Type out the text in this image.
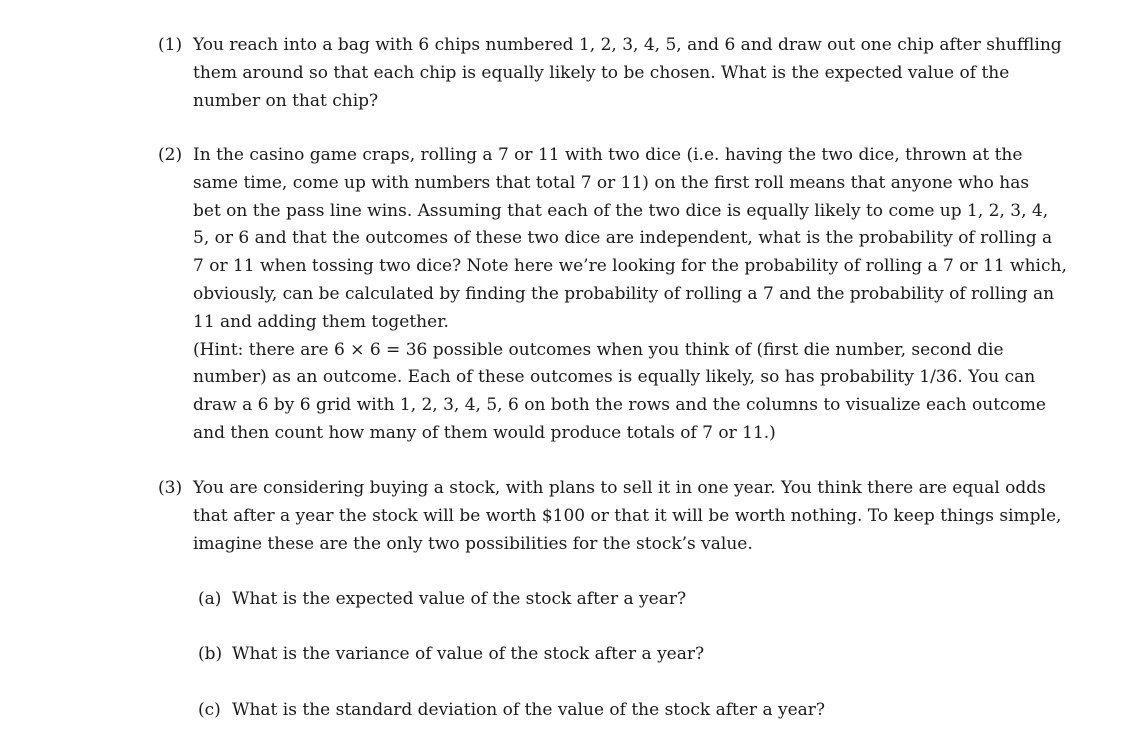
(1) You reach into a bag with 6 chips numbered 1, 2, 3, 4, 5, and 6 and draw out one chip after shuffling
them around so that each chip is equally likely to be chosen. What is the expected value of the
number on that chip?
(2) In the casino game craps, rolling a 7 or 11 with two dice (i.e. having the two dice, thrown at the
same time, come up with numbers that total 7 or 11) on the first roll means that anyone who has
bet on the pass line wins. Assuming that each of the two dice is equally likely to come up 1, 2, 3, 4,
5, or 6 and that the outcomes of these two dice are independent, what is the probability of rolling a
7 or 11 when tossing two dice? Note here we’re looking for the probability of rolling a 7 or 11 which,
obviously, can be calculated by finding the probability of rolling a 7 and the probability of rolling an
11 and adding them together.
(Hint: there are 6 × 6 = 36 possible outcomes when you think of (first die number, second die
number) as an outcome. Each of these outcomes is equally likely, so has probability 1/36. You can
draw a 6 by 6 grid with 1, 2, 3, 4, 5, 6 on both the rows and the columns to visualize each outcome
and then count how many of them would produce totals of 7 or 11.)
(3) You are considering buying a stock, with plans to sell it in one year. You think there are equal odds
that after a year the stock will be worth $100 or that it will be worth nothing. To keep things simple,
imagine these are the only two possibilities for the stock’s value.
(a) What is the expected value of the stock after a year?
(b) What is the variance of value of the stock after a year?
(c) What is the standard deviation of the value of the stock after a year?
